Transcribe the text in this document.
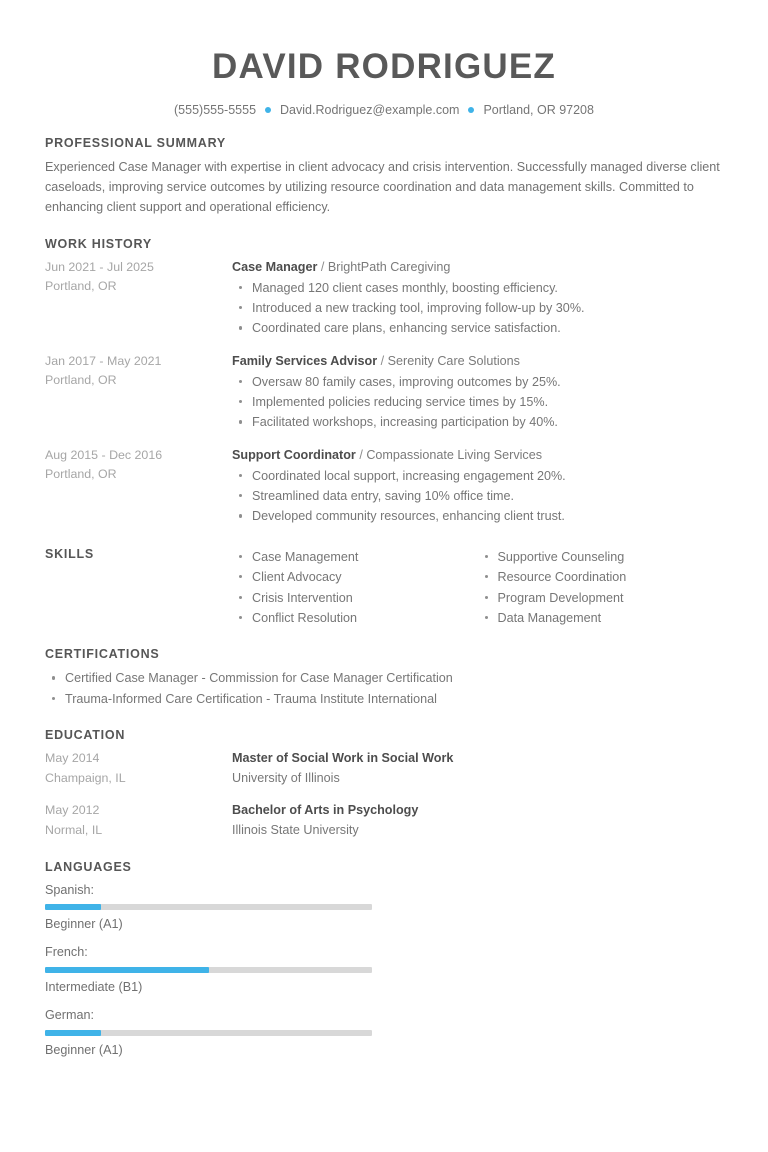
DAVID RODRIGUEZ
(555)555-5555 David.Rodriguez@example.com Portland, OR 97208
PROFESSIONAL SUMMARY

Experienced Case Manager with expertise in client advocacy and crisis intervention. Successfully managed diverse client caseloads, improving service outcomes by utilizing resource coordination and data management skills. Committed to enhancing client support and operational efficiency.

WORK HISTORY
Jun 2021 - Jul 2025
Portland, OR
Case Manager / BrightPath Caregiving
Managed 120 client cases monthly, boosting efficiency.
Introduced a new tracking tool, improving follow-up by 30%.
Coordinated care plans, enhancing service satisfaction.
Jan 2017 - May 2021
Portland, OR
Family Services Advisor / Serenity Care Solutions
Oversaw 80 family cases, improving outcomes by 25%.
Implemented policies reducing service times by 15%.
Facilitated workshops, increasing participation by 40%.
Aug 2015 - Dec 2016
Portland, OR
Support Coordinator / Compassionate Living Services
Coordinated local support, increasing engagement 20%.
Streamlined data entry, saving 10% office time.
Developed community resources, enhancing client trust.
SKILLS	Case Management
Client Advocacy
Crisis Intervention
Conflict Resolution
Supportive Counseling
Resource Coordination
Program Development
Data Management
CERTIFICATIONS
Certified Case Manager - Commission for Case Manager Certification
Trauma-Informed Care Certification - Trauma Institute International
EDUCATION
May 2014
Champaign, IL
Master of Social Work in Social Work
University of Illinois
May 2012
Normal, IL
Bachelor of Arts in Psychology
Illinois State University
LANGUAGES
Spanish:
Beginner (A1)
French:
Intermediate (B1)
German:
Beginner (A1)
